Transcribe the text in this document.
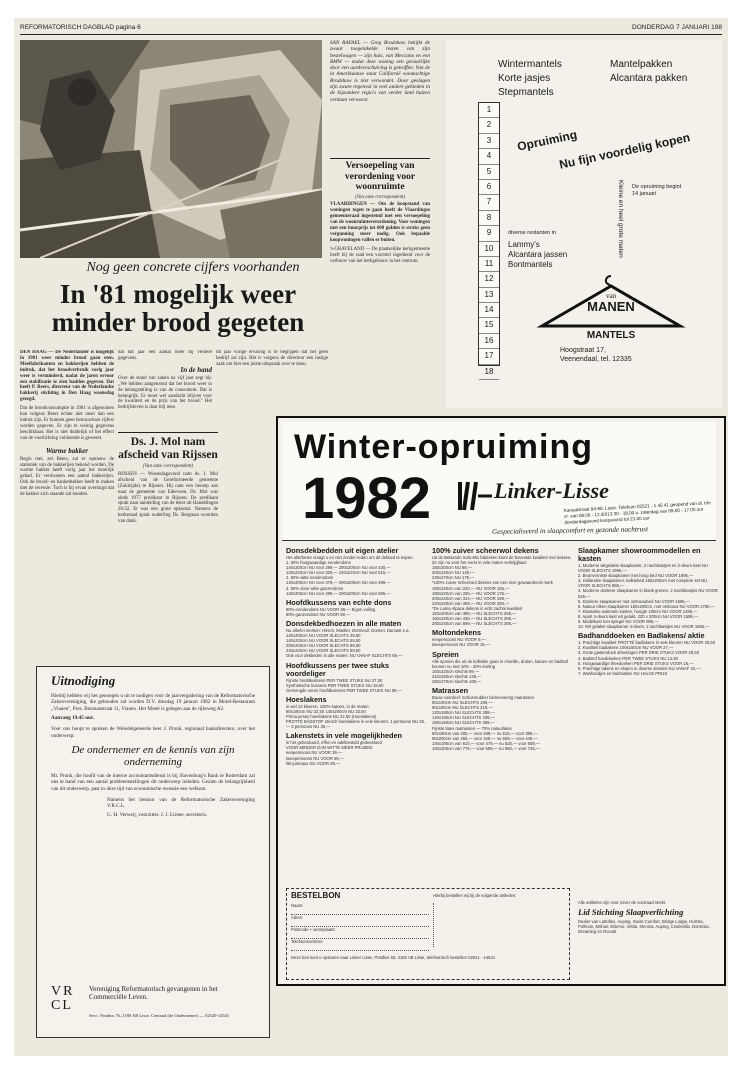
REFORMATORISCH DAGBLAD pagina 6	DONDERDAG 7 JANUARI 198
SAN RAFAEL — Greg Bradshaw bekijkt de zwaar toegetakelde resten van zijn bestelwagen — zijn huis, van Meccano en een BMW — nadat deze woning een gevaarlijke door een aardverschuiving is getroffen. Van de in Amerikaanse staat Californië woonachtige Bradshaw is niet verwondet. Door geslagen zijn zware regenval in veel andere gebieden in de bijzondere regio's van verder land huizen verdaan verwoest.
Versoepeling van verordening voor woonruimte
(Van onze correspondent)
VLAARDINGEN — Om de koopstand van woningen tegen te gaan heeft de Vlaardingse gemeenteraad ingestemd met een versoepeling van de woonruimteverordening. Voor woningen met een huurprijs tot 600 gulden is straks geen vergunning meer nodig. Ook bepaalde koopwoningen vallen er buiten.
's-GRAVELAND — De plaatselijke kerkgemeente heeft bij de raad een voorstel ingediend voor de verbouw van het kerkgebouw in het centrum.
Nog geen concrete cijfers voorhanden
In '81 mogelijk weer minder brood gegeten
DEN HAAG — De Nederlander is mogelijk in 1981 weer minder brood gaan eten. Meelfabrikanten en bakkerijen hebben de indruk, dat het broodverbruik vorig jaar weer is verminderd, nadat de jaren ervoor een stabilisatie te zien hadden gegeven. Dat heeft P. Beers, directeur van de Nederlandse bakkerij stichting in Den Haag woensdag gezegd.
Dat de broodconsumptie in 1981 is afgenomen kan volgens Beers echter niet meer dan een indruk zijn. Er kunnen geen betrouwbare cijfers worden gegeven. Er zijn te weinig gegevens beschikbaar. Het is niet duidelijk of het effect van de voorlichting voldoende is geweest.
Warme bakker
Begin mei, zei Beers, zal er opnieuw de statistiek van de bakkerijen bekend worden. De warme bakker heeft vorig jaar het moeilijk gehad. Er verdwenen een aantal bakkerijen. Ook de brood- en banketbakker heeft te maken met de recessie. Toch is hij ervan overtuigd dat de bakker zich staande zal houden.
dat dat jaar een aantal meer bij verdere gegevens.
In de hand
Over de stand van zaken na vijf jaar zegt hij: ,,We hebben aangetoond dat het brood weer in de belangstelling is van de consument. Dat is belangrijk. Er moet wel aandacht blijven voor de kwaliteit en de prijs van het brood.'' Het bedrijfsleven is daar blij mee.
dit jaar vorige ervaring is te begrijpen dat het geen bedrijf zal zijn. Het is volgens de directeur een lastige zaak om hier een juiste uitspraak over te doen.
Ds. J. Mol nam afscheid van Rijssen
(Van onze correspondent)
RIJSSEN — Woensdagavond nam ds. J. Mol afscheid van de Gereformeerde gemeente (Zuidzijde) te Rijssen. Hij nam een beroep aan naar de gemeente van Ederveen. Ds. Mol was sinds 1977 predikant in Rijssen. De predikant sprak naar aanleiding van de tekst uit Handelingen 20:32. Er was een grote opkomst. Namens de kerkeraad sprak ouderling Ds. Bergman woorden van dank.
Uitnodiging
Hierbij hebben wij het genoegen u uit te nodigen voor de jaarvergadering van de Reformatorische Zakenvereniging, die gehouden zal worden D.V. dinsdag 19 januari 1982 in Motel-Restaurant ,,Vianen'', Pres. Bosmanstraat 11, Vianen. Het Motel is gelegen aan de rijksweg A2.
Aanvang 19.45 uur.
Voor ons hoopt te spreken de Weledelgeleerde heer J. Pronk, regionaal bankdirecteur, over het onderwerp:
De ondernemer en de kennis van zijn onderneming
Mr. Pronk, die hoofd van de interne accountantsdienst is bij Slavenburg's Bank te Rotterdam zal ons te hand van een aantal probleemstellingen dit onderwerp inleiden. Gezien de belangrijkheid van dit onderwerp, past in deze tijd van economische recessie een welkom.
Namens het bestuur van de Reformatorische Zakenvereniging V.R.C.L.
G. H. Verweij, voorzitter. J. J. Lirnee, secretaris.
VRCL
Vereniging Reformatorisch gevangenen in het Commerciële Leven.
Secr.: Postbus 76, 2180 AB Lisse. Centraal (de Ondernemer) — 02520-14541
Wintermantels
Korte jasjes
Stepmantels
Mantelpakken
Alcantara pakken
Opruiming
Nu fijn voordelig kopen
1
2
3
4
5
6
7
8
9
10
11
12
13
14
15
16
17
18
De opruiming begint
14 januari
Kleine en heel grote maten
diverse restanten in
Lammy's
Alcantara jassen
Bontmantels
van
MANEN
MANTELS
Hoogstraat 17,
Veenendaal, tel. 12335
Winter-opruiming
1982	Linker-Lisse
Kanaalstraat 94-98, Lisse. Telefoon 02521 - 1 45 41 geopend van di. t/m vr. van 09.00 - 12.30/13.30 - 18.00 u. zaterdag van 09.00 - 17.00 uur donderdagavond koopavond tot 21.00 uur
Gespecialiseerd in slaapcomfort en gezonde nachtrust
Donsdekbedden uit eigen atelier
Het allerbeste vraagt u en niet zonder reden om dit dekbed te kopen.
1. 60% hoogwaardige eendendons
140x200cm NU voor 299,— 200x200cm NU voor 430,—
140x220cm NU voor 325,— 240x220cm NU voor 515,—
2. 80% witte eendendons
140x200cm NU voor 379,— 200x200cm NU voor 499,—
3. 90% dons witte ganzendons
140x200cm NU voor 499,— 200x200cm NU voor 695,—
Hoofdkussens van echte dons
80% eendendons NU VOOR 69,— Eigen vulling
90% ganzendons NU VOOR 89,—
Donsdekbedhoezen in alle maten
Nu allerlei merken: Hirsch, Moeller, Dormeuil, Dormei, Damast e.a.
140x200cm NU VOOR SLECHTS 49,50
140x220cm NU VOOR SLECHTS 59,50
200x200cm NU VOOR SLECHTS 89,50
240x220cm NU VOOR SLECHTS 99,50
Ook voor dekbeden in alle maten: NU VANAF SLECHTS 69,—
Hoofdkussens per twee stuks voordeliger
Fijnste hoofdkussens PER TWEE STUKS NU 37,50
Synthetische kussens PER TWEE STUKS NU 19,50
Gemengde veren hoofdkussens PER TWEE STUKS NU 65,—
Hoeslakens
in wel 10 kleuren, 100% katoen, in de maten:
90x190cm NU 22,50 140x200cm NU 32,50
Prima jersey hoeslakens NU 22,50 (Hoeslakens)
FROTTÉ BADSTOF stretch hoeslakens in vele kleuren: 1 persoons NU 25,— 2 persoons NU 35,—
Lakenstets in vele mogelijkheden
in het geborduurd, effen en adelbesteld gedeesserd
VOOR MINDER DAN WITTE MEER PRIJZEN:
eenpersoons NU VOOR 39,—
tweepersoons NU VOOR 59,—
lits-jumeaux NU VOOR 69,—
100% zuiver scheerwol dekens
Uit de Belsando Solo-Mix fabrieken komt de bovenste kwaliteit met dekens
Ze zijn nu voor het eerst in vele maten verkrijgbaar:
150x200cm NU 98,—
200x240cm NU 149,—
230x270cm NU 179,—
*100% zuiver scheerwol dekens van een zeer gewaardeerd merk
160x220cm van 220,— NU VOOR 155,—
180x220cm van 255,— NU VOOR 175,—
200x240cm van 314,— NU VOOR 199,—
220x240cm van 359,— NU VOOR 250,—
*De Lama Alpaca dekens in echt zachte kwaliteit
150x200cm van 395,— NU SLECHTS 259,—
160x220cm van 435,— NU SLECHTS 298,—
200x240cm van 599,— NU SLECHTS 395,—
Moltondekens
eenpersoons NU VOOR 9,—
tweepersoons NU VOOR 15,—
Spreien
Alle spreien die uit de kollektie gaan in chenille, dralon, katoen en badstof kunnen nu met 10% - 20% korting
150x220cm slechts 99,—
210x250cm slechts 129,—
260x270cm slechts 169,—
Matrassen
Bouw voordeel: Schuimrubber binnenvering matrassen
80x190cm NU SLECHTS 189,—
90x190cm NU SLECHTS 219,—
120x190cm NU SLECHTS 289,—
140x190cm NU SLECHTS 339,—
160x190cm NU SLECHTS 389,—
Fijnste latex matrassen — 70% natuurlatex
80x190cm van 400,— voor 299,— nu 515,— voor 399,—
90x200cm van 455,— voor 349,— nu 559,— voor 449,—
140x190cm van 610,— voor 479,— nu 825,— voor 659,—
160x200cm van 775,— voor 589,— nu 960,— voor 745,—
Slaapkamer showroommodellen en kasten
1. Moderne witgelakte slaapkamer, 2 nachtkastjes en 2-deurs kast NU VOOR SLECHTS 1995,—
2. Bruinverniste slaapkamer met hoog bed NU VOOR 1895,—
3. Hollandse slaapkamer, kalktebed 160x200cm met complete set NU VOOR SLECHTS 895,—
4. Moderne donkere slaapkamer in blank grenen, 2 nachtkastjes NU VOOR 545,—
5. Donkere slaapkamer met ombouwbed NU VOOR 1695,—
6. Natuur eiken slaapkamer 160x200cm, met ombouw NU VOOR 2750,—
7. Klassieke walnoten kasten, hoogte 190cm NU VOOR 1495,—
8. Apart 4-deurs kast wit gelakt, 220 x 200cm NU VOOR 1595,—
9. Modelkast met spiegel NU VOOR 895,—
10. Wit gelakte slaapkamer 4-deurs, 2 nachtkastjes NU VOOR 1555,—
Badhanddoeken en Badlakens/ aktie
1. Prachtige kwaliteit FROTTÉ badlakens in vele kleuren NU VOOR 29,50
2. Kwaliteit badlakens 100x160cm NU VOOR 27,—
3. Grote gastendoek afmetingen PER DRIE STUKS VOOR 29,50
4. Badstof handdoeken PER TWEE STUKS NU 12,50
5. Hoogwaardige theedoeken PER DRIE STUKS VOOR 16,—
6. Prachtige lakens en slopen in diverse dessins NU VANAF 22,—
7. Washandjes en badmatten NU HALVE PRIJS
Alle artikelen zijn voor zover de voorraad strekt.
Lid Stichting Slaapverlichting
Dealer van Lattoflex, Auping, Swiss Comfort, Bridge Lodge, Hulstra, Pullman, Mohair, Elsemo, Velda, Klenina, Auping, Cinderella, Dormisia, Dreaming en Rovotti.
BESTELBON	Hierbij bestellen wij bij de volgende artikelen:
Naam:
Adres:
Postcode + woonplaats:
Telefoonnummer:
Deze bon kunt u opsturen naar Linker Lisse, Postbus 50, 2160 AB Lisse, telefoonisch bestellen 02521 - 14541
